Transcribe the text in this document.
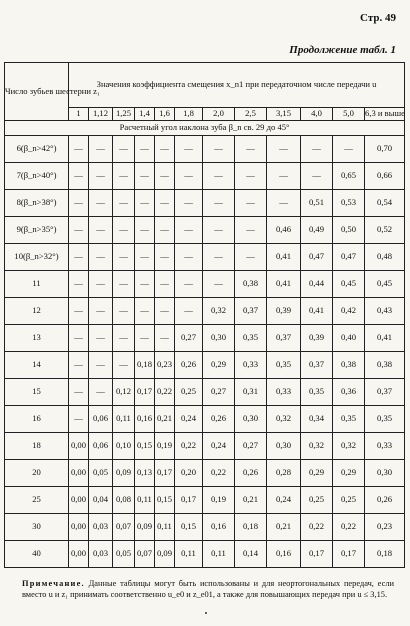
Стр. 49
Продолжение табл. 1
Число зубьев шестерни z₁	Значения коэффициента смещения x_n1 при передаточном числе передачи u											
	1	1,12	1,25	1,4	1,6	1,8	2,0	2,5	3,15	4,0	5,0	6,3 и выше
Расчетный угол наклона зуба β_n св. 29 до 45°												
6(β_n>42°)	—	—	—	—	—	—	—	—	—	—	—	0,70
7(β_n>40°)	—	—	—	—	—	—	—	—	—	—	0,65	0,66
8(β_n>38°)	—	—	—	—	—	—	—	—	—	0,51	0,53	0,54
9(β_n>35°)	—	—	—	—	—	—	—	—	0,46	0,49	0,50	0,52
10(β_n>32°)	—	—	—	—	—	—	—	—	0,41	0,47	0,47	0,48
11	—	—	—	—	—	—	—	0,38	0,41	0,44	0,45	0,45
12	—	—	—	—	—	—	0,32	0,37	0,39	0,41	0,42	0,43
13	—	—	—	—	—	0,27	0,30	0,35	0,37	0,39	0,40	0,41
14	—	—	—	0,18	0,23	0,26	0,29	0,33	0,35	0,37	0,38	0,38
15	—	—	0,12	0,17	0,22	0,25	0,27	0,31	0,33	0,35	0,36	0,37
16	—	0,06	0,11	0,16	0,21	0,24	0,26	0,30	0,32	0,34	0,35	0,35
18	0,00	0,06	0,10	0,15	0,19	0,22	0,24	0,27	0,30	0,32	0,32	0,33
20	0,00	0,05	0,09	0,13	0,17	0,20	0,22	0,26	0,28	0,29	0,29	0,30
25	0,00	0,04	0,08	0,11	0,15	0,17	0,19	0,21	0,24	0,25	0,25	0,26
30	0,00	0,03	0,07	0,09	0,11	0,15	0,16	0,18	0,21	0,22	0,22	0,23
40	0,00	0,03	0,05	0,07	0,09	0,11	0,11	0,14	0,16	0,17	0,17	0,18
Примечание. Данные таблицы могут быть использованы и для неортогональных передач, если вместо u и z₁ принимать соответственно u_e0 и z_e01, а также для повышающих передач при u ≤ 3,15.
